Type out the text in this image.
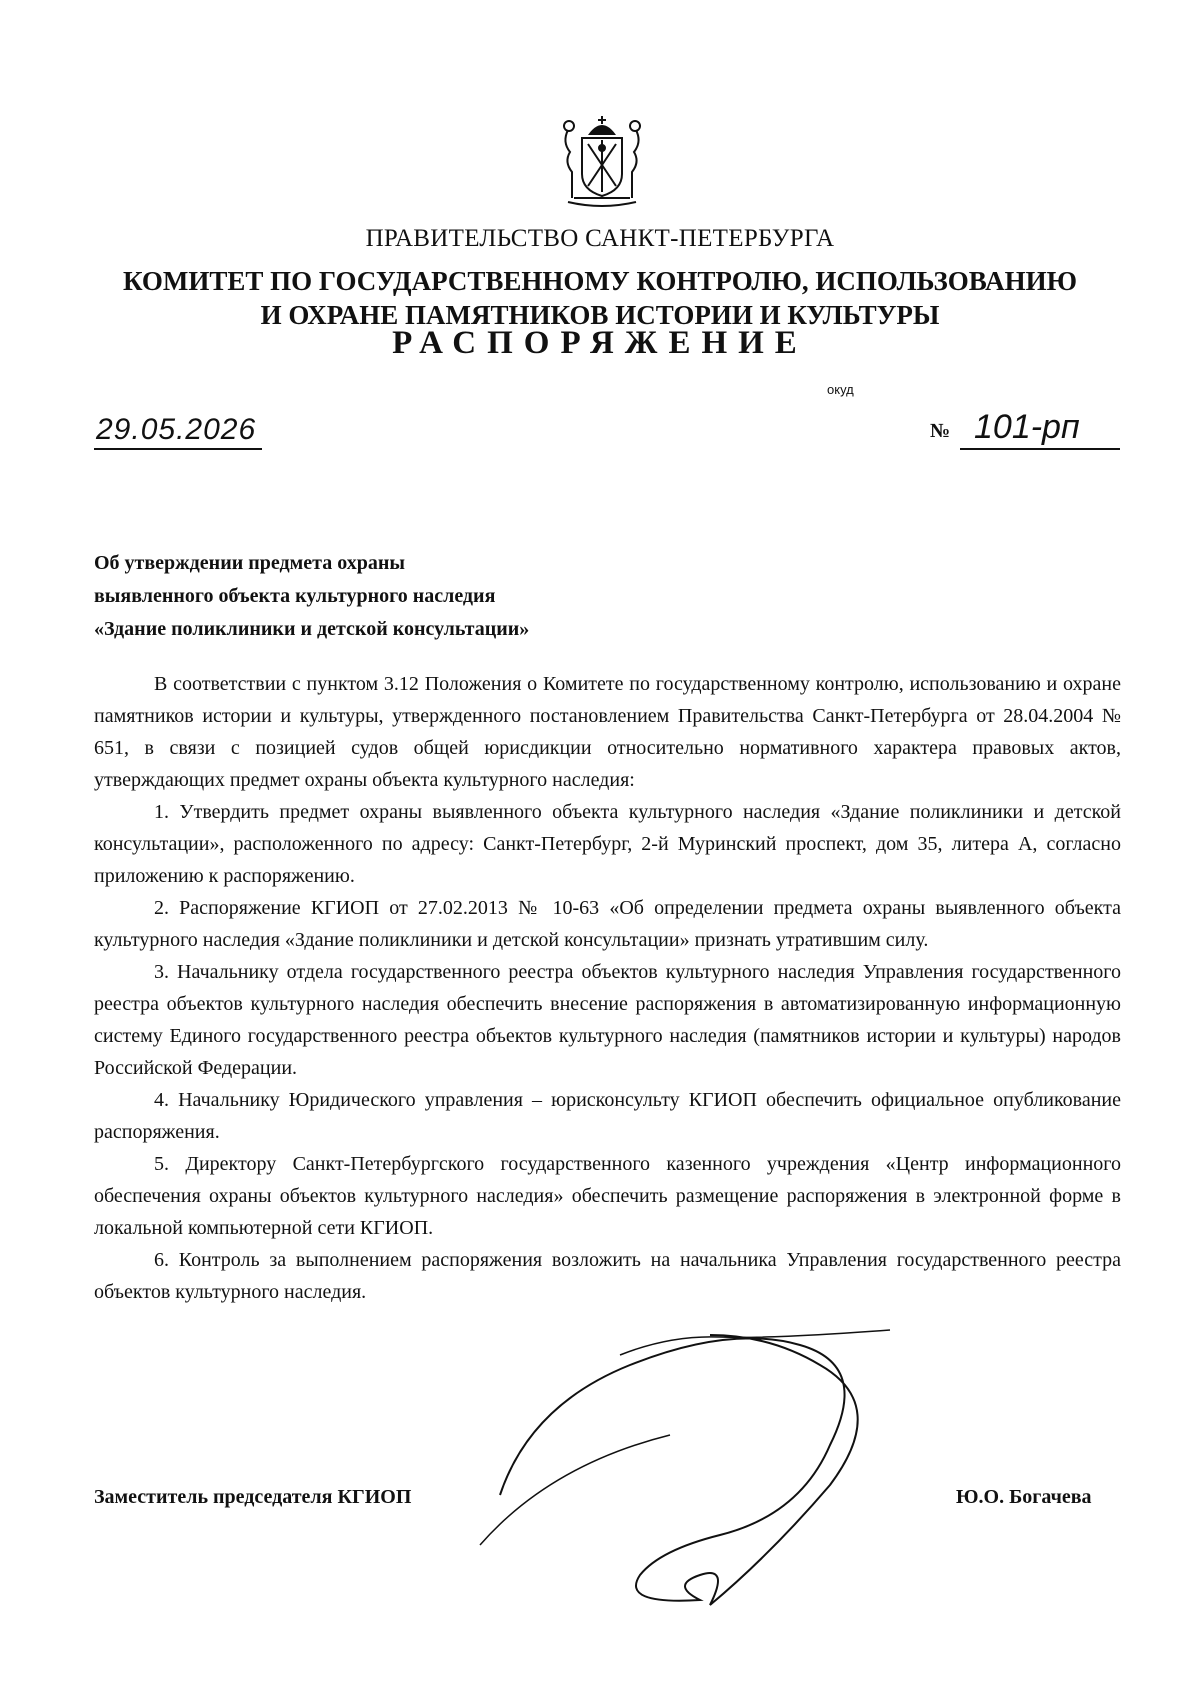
ПРАВИТЕЛЬСТВО САНКТ-ПЕТЕРБУРГА
КОМИТЕТ ПО ГОСУДАРСТВЕННОМУ КОНТРОЛЮ, ИСПОЛЬЗОВАНИЮ
И ОХРАНЕ ПАМЯТНИКОВ ИСТОРИИ И КУЛЬТУРЫ
РАСПОРЯЖЕНИЕ
окуд
29.05.2026	№ 101-рп
Об утверждении предмета охраны
выявленного объекта культурного наследия
«Здание поликлиники и детской консультации»

В соответствии с пунктом 3.12 Положения о Комитете по государственному контролю, использованию и охране памятников истории и культуры, утвержденного постановлением Правительства Санкт-Петербурга от 28.04.2004 № 651, в связи с позицией судов общей юрисдикции относительно нормативного характера правовых актов, утверждающих предмет охраны объекта культурного наследия:

1. Утвердить предмет охраны выявленного объекта культурного наследия «Здание поликлиники и детской консультации», расположенного по адресу: Санкт-Петербург, 2-й Муринский проспект, дом 35, литера А, согласно приложению к распоряжению.

2. Распоряжение КГИОП от 27.02.2013 № 10-63 «Об определении предмета охраны выявленного объекта культурного наследия «Здание поликлиники и детской консультации» признать утратившим силу.

3. Начальнику отдела государственного реестра объектов культурного наследия Управления государственного реестра объектов культурного наследия обеспечить внесение распоряжения в автоматизированную информационную систему Единого государственного реестра объектов культурного наследия (памятников истории и культуры) народов Российской Федерации.

4. Начальнику Юридического управления – юрисконсульту КГИОП обеспечить официальное опубликование распоряжения.

5. Директору Санкт-Петербургского государственного казенного учреждения «Центр информационного обеспечения охраны объектов культурного наследия» обеспечить размещение распоряжения в электронной форме в локальной компьютерной сети КГИОП.

6. Контроль за выполнением распоряжения возложить на начальника Управления государственного реестра объектов культурного наследия.

Заместитель председателя КГИОП	Ю.О. Богачева
